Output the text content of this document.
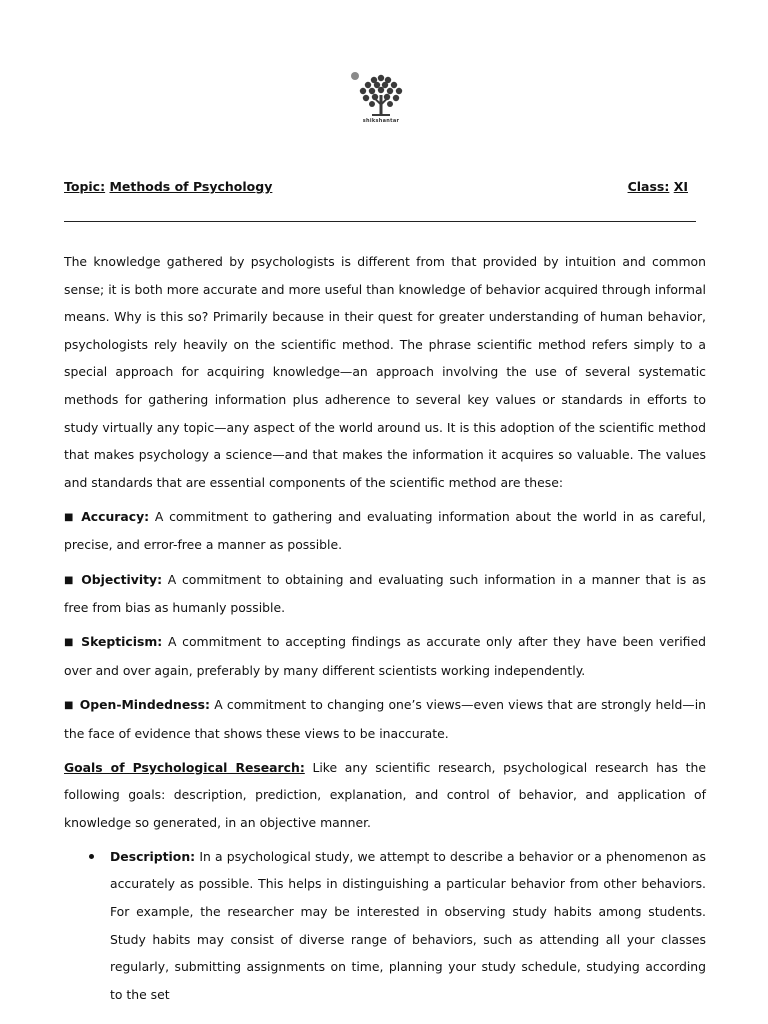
shikshantar
Topic: Methods of Psychology	Class: XI

The knowledge gathered by psychologists is different from that provided by intuition and common sense; it is both more accurate and more useful than knowledge of behavior acquired through informal means. Why is this so? Primarily because in their quest for greater understanding of human behavior, psychologists rely heavily on the scientific method. The phrase scientific method refers simply to a special approach for acquiring knowledge—an approach involving the use of several systematic methods for gathering information plus adherence to several key values or standards in efforts to study virtually any topic—any aspect of the world around us. It is this adoption of the scientific method that makes psychology a science—and that makes the information it acquires so valuable. The values and standards that are essential components of the scientific method are these:

■ Accuracy: A commitment to gathering and evaluating information about the world in as careful, precise, and error-free a manner as possible.

■ Objectivity: A commitment to obtaining and evaluating such information in a manner that is as free from bias as humanly possible.

■ Skepticism: A commitment to accepting findings as accurate only after they have been verified over and over again, preferably by many different scientists working independently.

■ Open-Mindedness: A commitment to changing one’s views—even views that are strongly held—in the face of evidence that shows these views to be inaccurate.

Goals of Psychological Research: Like any scientific research, psychological research has the following goals: description, prediction, explanation, and control of behavior, and application of knowledge so generated, in an objective manner.

Description: In a psychological study, we attempt to describe a behavior or a phenomenon as accurately as possible. This helps in distinguishing a particular behavior from other behaviors. For example, the researcher may be interested in observing study habits among students. Study habits may consist of diverse range of behaviors, such as attending all your classes regularly, submitting assignments on time, planning your study schedule, studying according to the set
